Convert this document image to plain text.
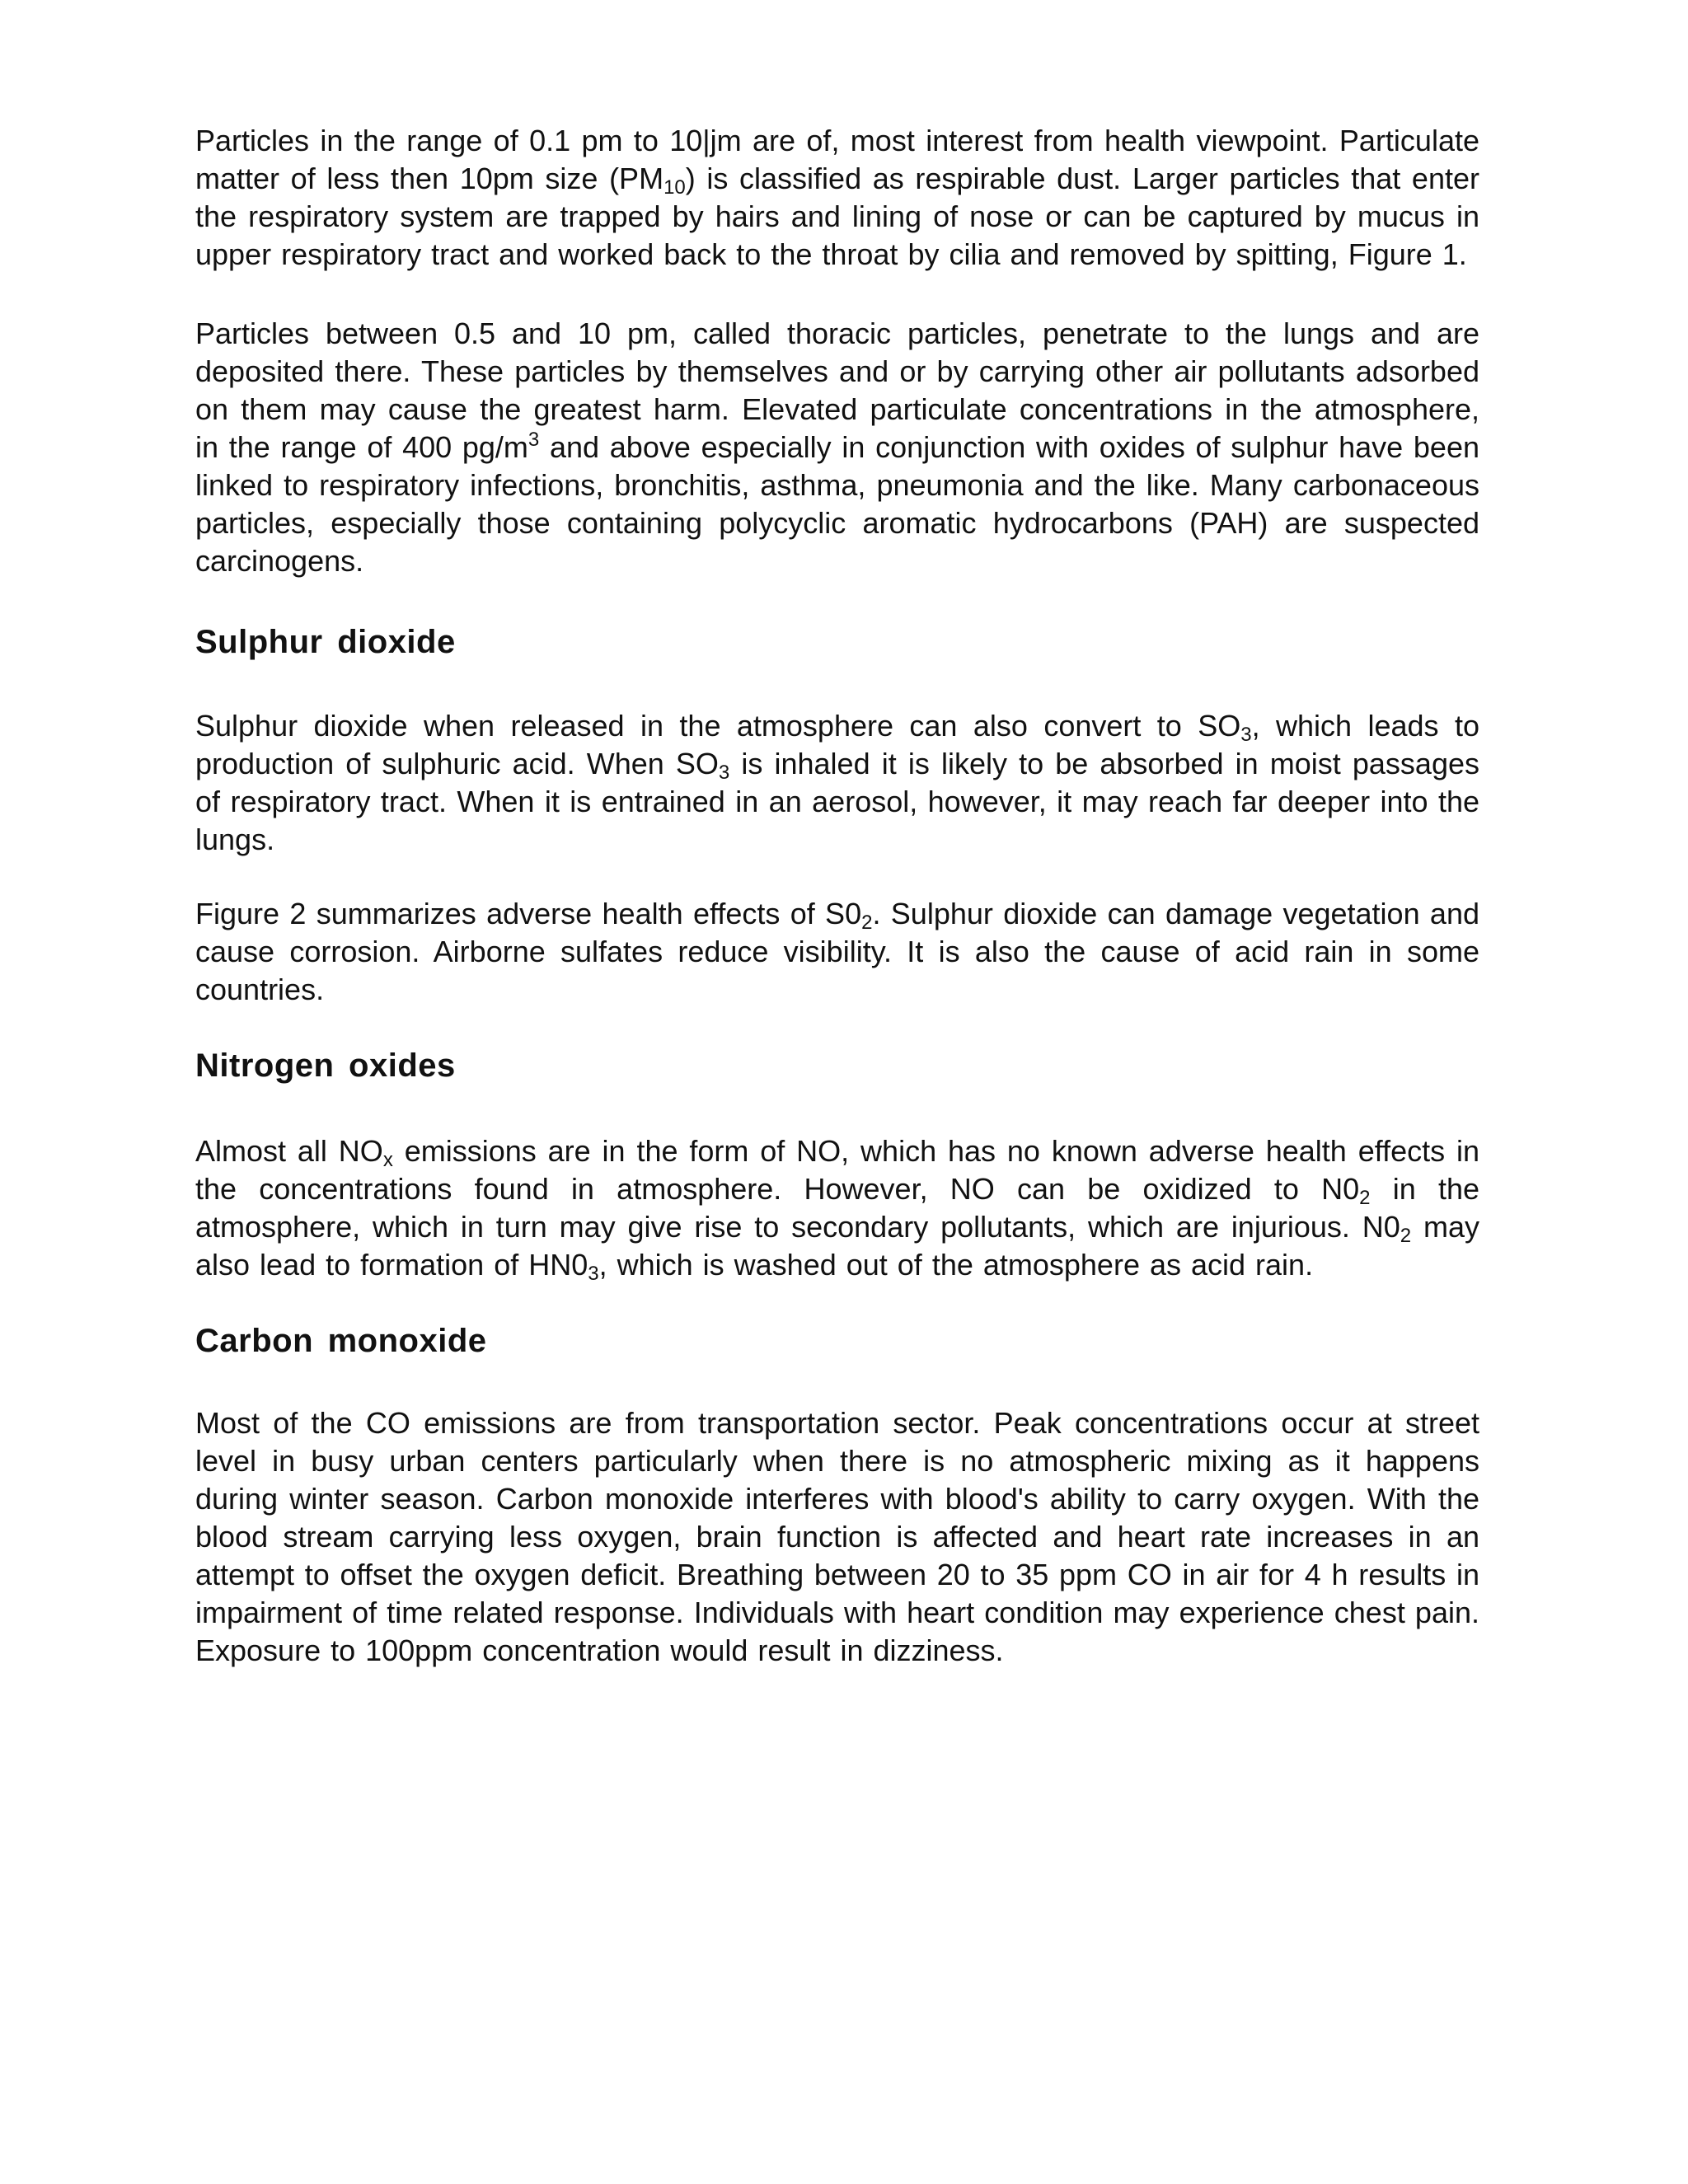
Particles in the range of 0.1 pm to 10|jm are of, most interest from health viewpoint. Particulate matter of less then 10pm size $(PM_{10})$ is classified as respirable dust. Larger particles that enter the respiratory system are trapped by hairs and lining of nose or can be captured by mucus in upper respiratory tract and worked back to the throat by cilia and removed by spitting, Figure 1.

Particles between 0.5 and 10 pm, called thoracic particles, penetrate to the lungs and are deposited there. These particles by themselves and or by carrying other air pollutants adsorbed on them may cause the greatest harm. Elevated particulate concentrations in the atmosphere, in the range of 400 $pg/m^3$ and above especially in conjunction with oxides of sulphur have been linked to respiratory infections, bronchitis, asthma, pneumonia and the like. Many carbonaceous particles, especially those containing polycyclic aromatic hydrocarbons (PAH) are suspected carcinogens.

Sulphur dioxide

Sulphur dioxide when released in the atmosphere can also convert to $SO_3$, which leads to production of sulphuric acid. When $SO_3$ is inhaled it is likely to be absorbed in moist passages of respiratory tract. When it is entrained in an aerosol, however, it may reach far deeper into the lungs.

Figure 2 summarizes adverse health effects of $S0_2$. Sulphur dioxide can damage vegetation and cause corrosion. Airborne sulfates reduce visibility. It is also the cause of acid rain in some countries.

Nitrogen oxides

Almost all $NO_x$ emissions are in the form of NO, which has no known adverse health effects in the concentrations found in atmosphere. However, NO can be oxidized to $N0_2$ in the atmosphere, which in turn may give rise to secondary pollutants, which are injurious. $N0_2$ may also lead to formation of $HN0_3$, which is washed out of the atmosphere as acid rain.

Carbon monoxide

Most of the CO emissions are from transportation sector. Peak concentrations occur at street level in busy urban centers particularly when there is no atmospheric mixing as it happens during winter season. Carbon monoxide interferes with blood's ability to carry oxygen. With the blood stream carrying less oxygen, brain function is affected and heart rate increases in an attempt to offset the oxygen deficit. Breathing between 20 to 35 ppm CO in air for 4 h results in impairment of time related response. Individuals with heart condition may experience chest pain. Exposure to 100ppm concentration would result in dizziness.
